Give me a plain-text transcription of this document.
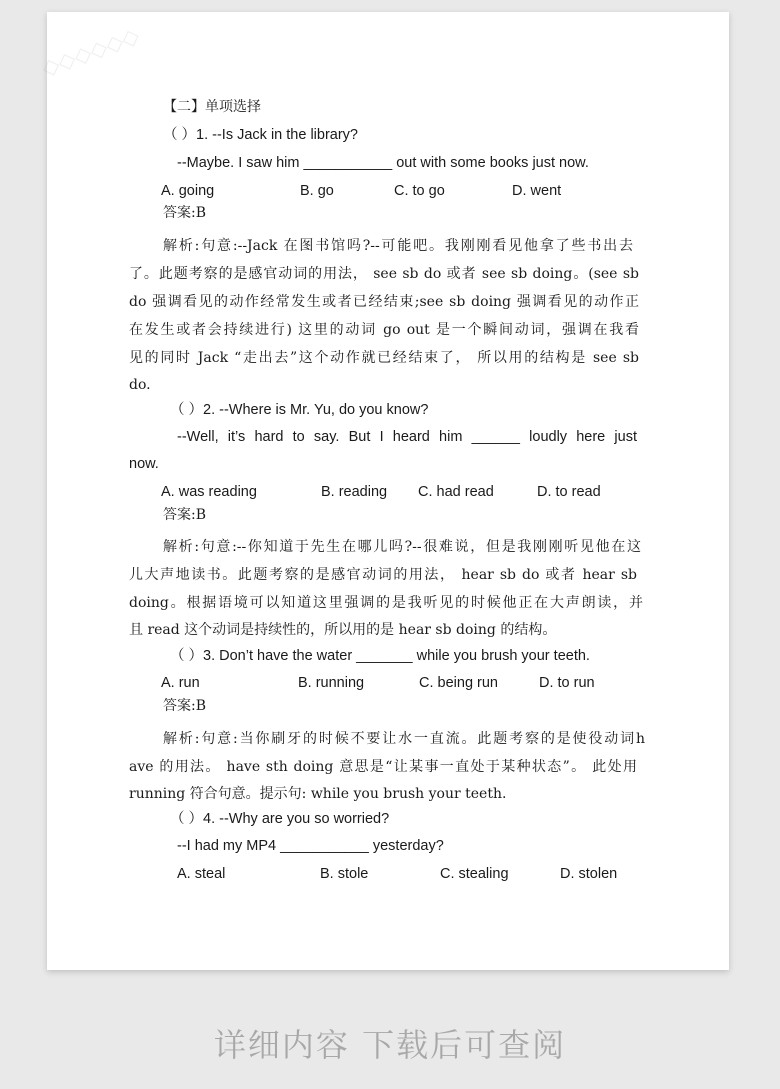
【二】单项选择
（ ）1. --Is Jack in the library?
--Maybe. I saw him ___________ out with some books just now.
A. going	B. go	C. to go	D. went
答案:B
解析:句意:--Jack 在图书馆吗?--可能吧。我刚刚看见他拿了些书出去
了。此题考察的是感官动词的用法， see sb do 或者 see sb doing。(see sb
do 强调看见的动作经常发生或者已经结束;see sb doing 强调看见的动作正
在发生或者会持续进行) 这里的动词 go out 是一个瞬间动词，强调在我看
见的同时 Jack “走出去”这个动作就已经结束了， 所以用的结构是 see sb
do.
（ ）2. --Where is Mr. Yu, do you know?
--Well, it’s hard to say. But I heard him ______ loudly here just
now.
A. was reading	B. reading C. had read	D. to read
答案:B
解析:句意:--你知道于先生在哪儿吗?--很难说，但是我刚刚听见他在这
儿大声地读书。此题考察的是感官动词的用法， hear sb do 或者 hear sb
doing。根据语境可以知道这里强调的是我听见的时候他正在大声朗读，并
且 read 这个动词是持续性的，所以用的是 hear sb doing 的结构。
（ ）3. Don’t have the water _______ while you brush your teeth.
A. run	B. running	C. being run	D. to run
答案:B
解析:句意:当你刷牙的时候不要让水一直流。此题考察的是使役动词h
ave 的用法。 have sth doing 意思是“让某事一直处于某种状态”。 此处用
running 符合句意。提示句: while you brush your teeth.
（ ）4. --Why are you so worried?
--I had my MP4 ___________ yesterday?
A. steal	B. stole	C. stealing	D. stolen
详细内容 下载后可查阅
